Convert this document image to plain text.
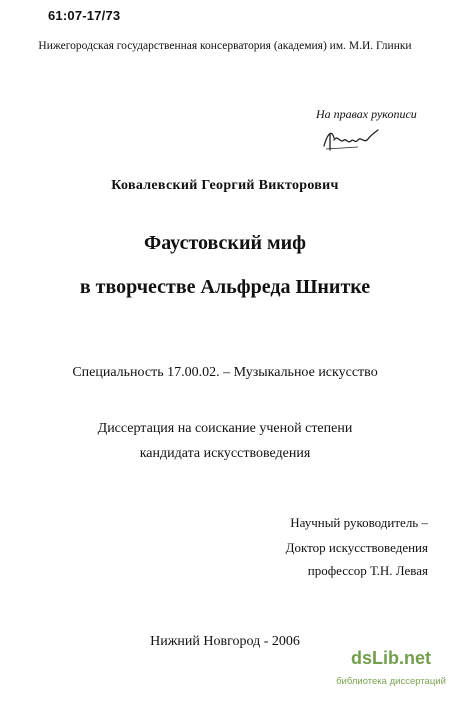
61:07-17/73
Нижегородская государственная консерватория (академия) им. М.И. Глинки
На правах рукописи
Ковалевский Георгий Викторович
Фаустовский миф
в творчестве Альфреда Шнитке
Специальность 17.00.02. – Музыкальное искусство
Диссертация на соискание ученой степени
кандидата искусствоведения
Научный руководитель –
Доктор искусствоведения
профессор Т.Н. Левая
Нижний Новгород - 2006
dsLib.net
библиотека диссертаций
